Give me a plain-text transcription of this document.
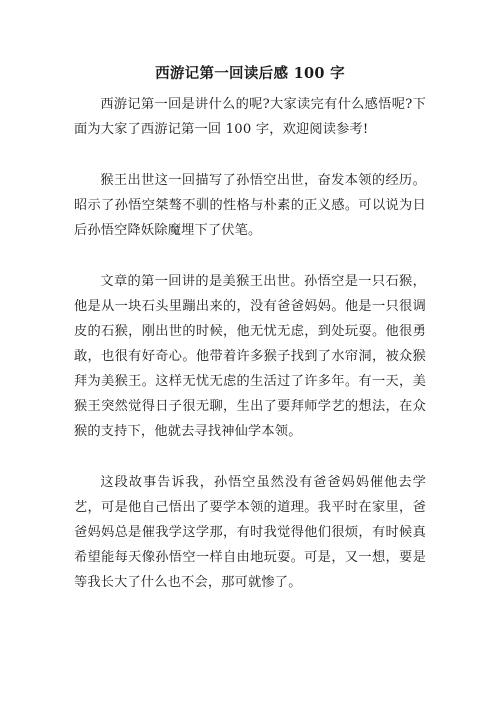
西游记第一回读后感 100 字

西游记第一回是讲什么的呢?大家读完有什么感悟呢?下面为大家了西游记第一回 100 字，欢迎阅读参考!

猴王出世这一回描写了孙悟空出世，奋发本领的经历。昭示了孙悟空桀骜不驯的性格与朴素的正义感。可以说为日后孙悟空降妖除魔埋下了伏笔。

文章的第一回讲的是美猴王出世。孙悟空是一只石猴，他是从一块石头里蹦出来的，没有爸爸妈妈。他是一只很调皮的石猴，刚出世的时候，他无忧无虑，到处玩耍。他很勇敢，也很有好奇心。他带着许多猴子找到了水帘洞，被众猴拜为美猴王。这样无忧无虑的生活过了许多年。有一天，美猴王突然觉得日子很无聊，生出了要拜师学艺的想法，在众猴的支持下，他就去寻找神仙学本领。

这段故事告诉我，孙悟空虽然没有爸爸妈妈催他去学艺，可是他自己悟出了要学本领的道理。我平时在家里，爸爸妈妈总是催我学这学那，有时我觉得他们很烦，有时候真希望能每天像孙悟空一样自由地玩耍。可是，又一想，要是等我长大了什么也不会，那可就惨了。
